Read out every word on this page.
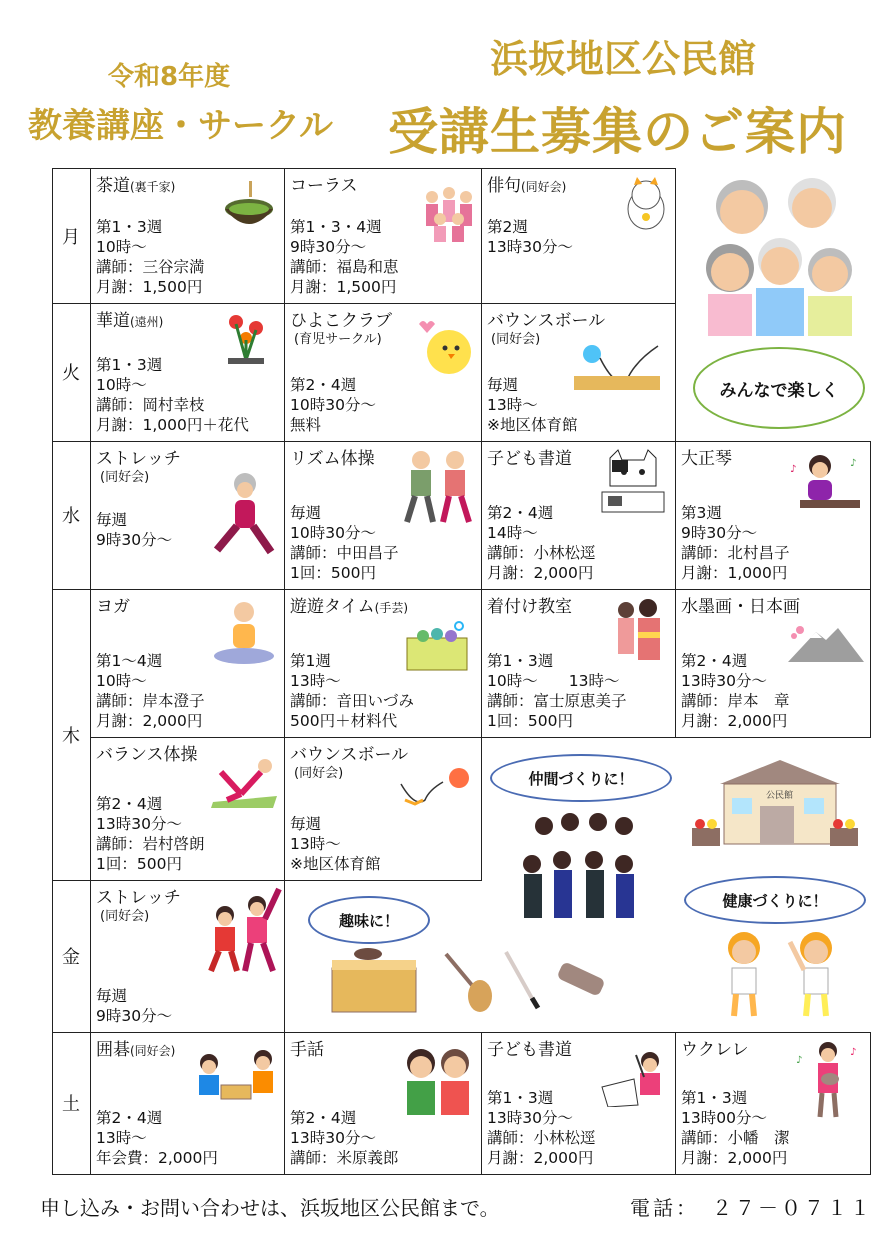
令和8年度
教養講座・サークル
浜坂地区公民館
受講生募集のご案内
月
火
水
木
金
土
茶道(裏千家)
第1・3週
10時～
講師：三谷宗満
月謝：1,500円
コーラス
第1・3・4週
9時30分～
講師：福島和恵
月謝：1,500円
俳句(同好会)
第2週
13時30分～
華道(遠州)
第1・3週
10時～
講師：岡村幸枝
月謝：1,000円＋花代
ひよこクラブ
(育児サークル)
第2・4週
10時30分～
無料
バウンスボール
(同好会)
毎週
13時～
※地区体育館
ストレッチ
(同好会)
毎週
9時30分～
リズム体操
毎週
10時30分～
講師：中田昌子
1回：500円
子ども書道
第2・4週
14時～
講師：小林松逕
月謝：2,000円
大正琴
第3週
9時30分～
講師：北村昌子
月謝：1,000円
♪
♪
ヨガ
第1～4週
10時～
講師：岸本澄子
月謝：2,000円
遊遊タイム(手芸)
第1週
13時～
講師：音田いづみ
500円＋材料代
着付け教室
第1・3週
10時～　　13時～
講師：富士原恵美子
1回：500円
水墨画・日本画
第2・4週
13時30分～
講師：岸本　章
月謝：2,000円
バランス体操
第2・4週
13時30分～
講師：岩村啓朗
1回：500円
バウンスボール
(同好会)
毎週
13時～
※地区体育館
ストレッチ
(同好会)
毎週
9時30分～
囲碁(同好会)
第2・4週
13時～
年会費：2,000円
手話
第2・4週
13時30分～
講師：米原義郎
子ども書道
第1・3週
13時30分～
講師：小林松逕
月謝：2,000円
ウクレレ
第1・3週
13時00分～
講師：小幡　潔
月謝：2,000円
♪
♪
みんなで楽しく
仲間づくりに！
公民館
趣味に！
健康づくりに！
申し込み・お問い合わせは、浜坂地区公民館まで。	電話：　２７－０７１１
